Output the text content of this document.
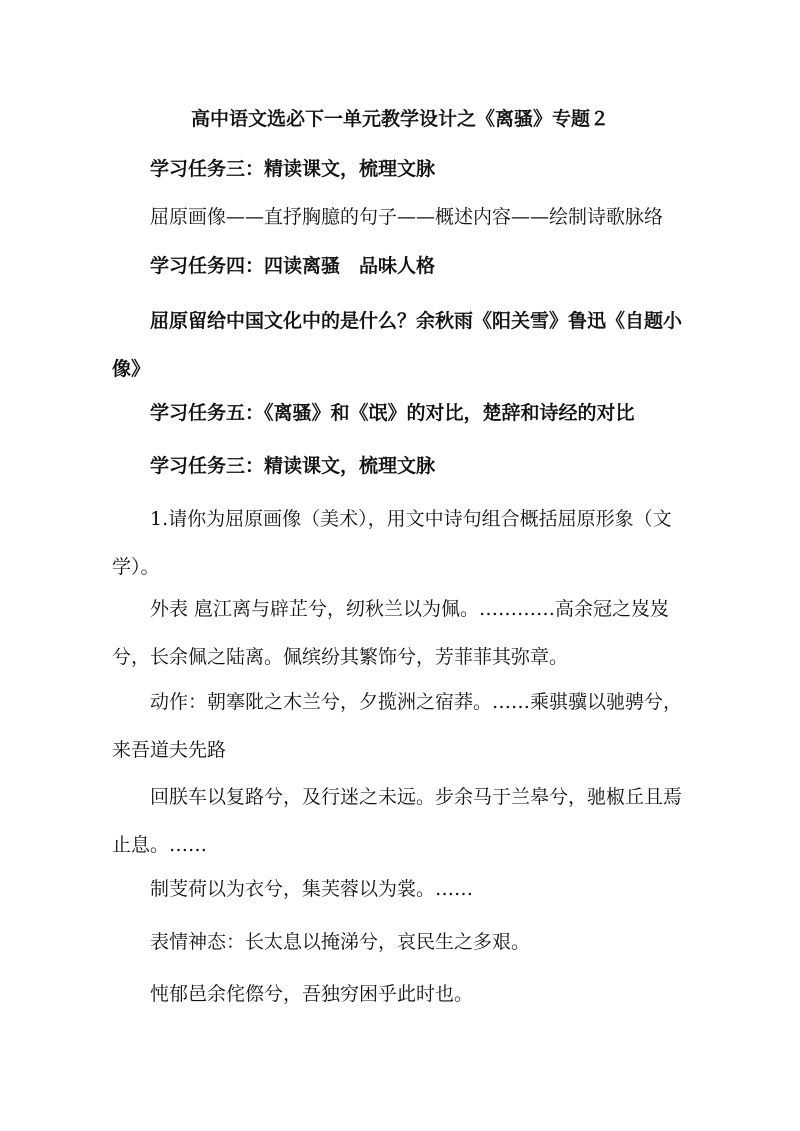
高中语文选必下一单元教学设计之《离骚》专题２

学习任务三：精读课文，梳理文脉

屈原画像——直抒胸臆的句子——概述内容——绘制诗歌脉络

学习任务四：四读离骚　品味人格

屈原留给中国文化中的是什么？余秋雨《阳关雪》鲁迅《自题小像》

学习任务五：《离骚》和《氓》的对比，楚辞和诗经的对比

学习任务三：精读课文，梳理文脉

1.请你为屈原画像（美术），用文中诗句组合概括屈原形象（文学）。

外表 扈江离与辟芷兮，纫秋兰以为佩。…………高余冠之岌岌兮，长余佩之陆离。佩缤纷其繁饰兮，芳菲菲其弥章。

动作：朝搴阰之木兰兮，夕揽洲之宿莽。……乘骐骥以驰骋兮，来吾道夫先路

回朕车以复路兮，及行迷之未远。步余马于兰皋兮，驰椒丘且焉止息。……

制芰荷以为衣兮，集芙蓉以为裳。……

表情神态：长太息以掩涕兮，哀民生之多艰。

忳郁邑余侘傺兮，吾独穷困乎此时也。
